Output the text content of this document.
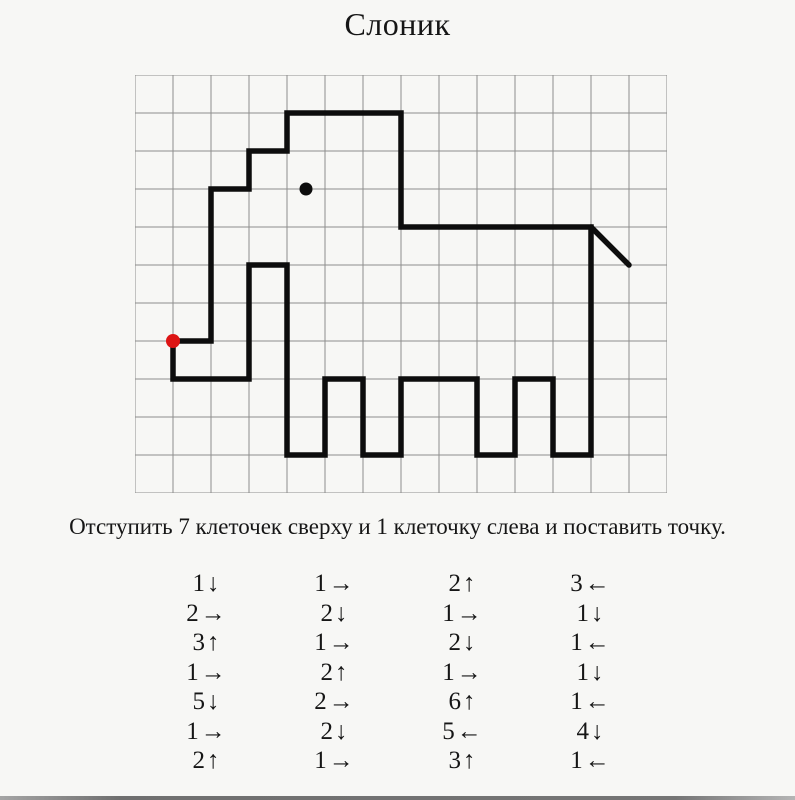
Слоник

Отступить 7 клеточек сверху и 1 клеточку слева и поставить точку.

1↓
2→
3↑
1→
5↓
1→
2↑
1→
2↓
1→
2↑
2→
2↓
1→
2↑
1→
2↓
1→
6↑
5←
3↑
3←
1↓
1←
1↓
1←
4↓
1←
